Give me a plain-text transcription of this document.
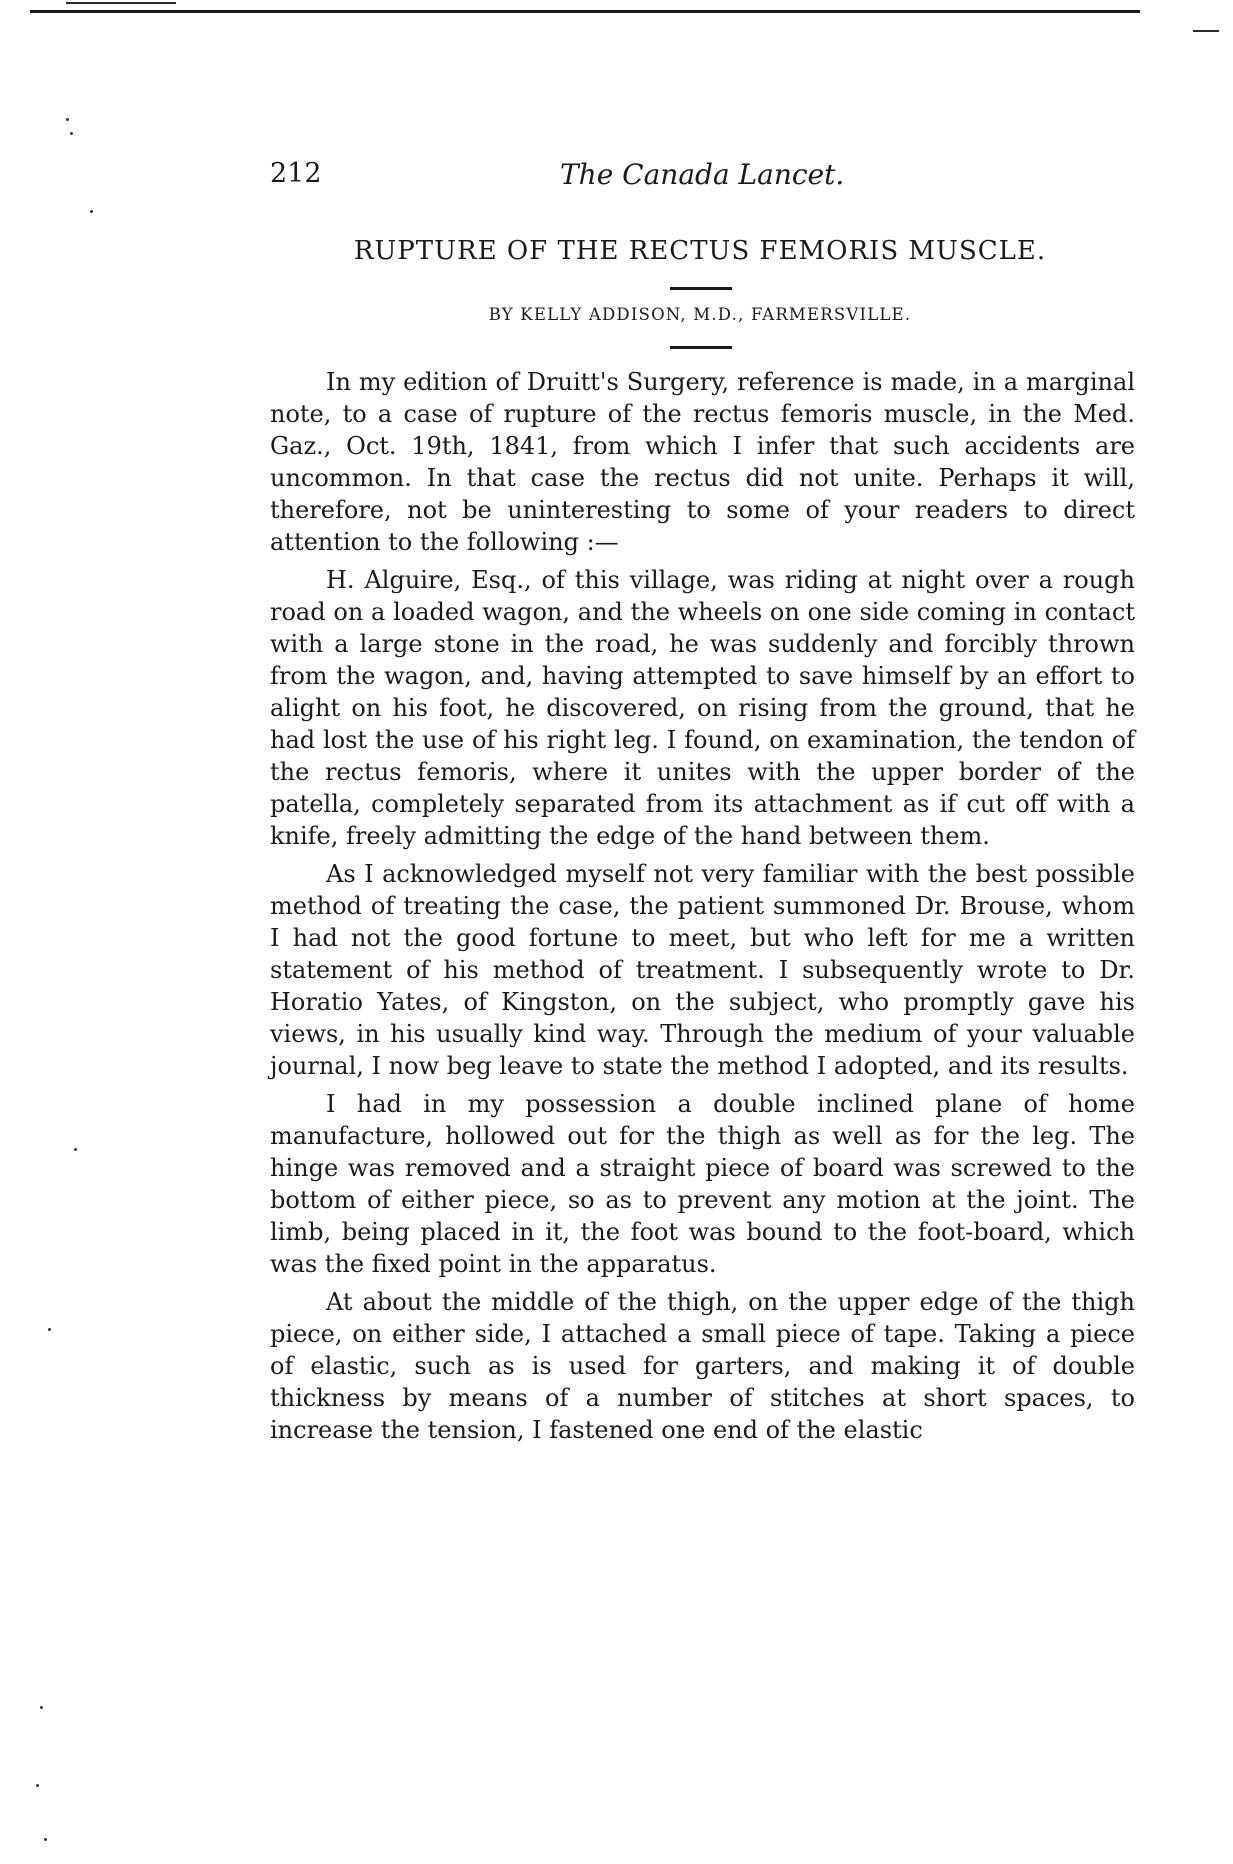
212	The Canada Lancet.
RUPTURE OF THE RECTUS FEMORIS MUSCLE.
BY KELLY ADDISON, M.D., FARMERSVILLE.

In my edition of Druitt's Surgery, reference is made, in a marginal note, to a case of rupture of the rectus femoris muscle, in the Med. Gaz., Oct. 19th, 1841, from which I infer that such accidents are uncommon. In that case the rectus did not unite. Perhaps it will, therefore, not be uninteresting to some of your readers to direct attention to the following :—

H. Alguire, Esq., of this village, was riding at night over a rough road on a loaded wagon, and the wheels on one side coming in contact with a large stone in the road, he was suddenly and forcibly thrown from the wagon, and, having attempted to save himself by an effort to alight on his foot, he discovered, on rising from the ground, that he had lost the use of his right leg. I found, on examination, the tendon of the rectus femoris, where it unites with the upper border of the patella, completely separated from its attachment as if cut off with a knife, freely admitting the edge of the hand between them.

As I acknowledged myself not very familiar with the best possible method of treating the case, the patient summoned Dr. Brouse, whom I had not the good fortune to meet, but who left for me a written statement of his method of treatment. I subsequently wrote to Dr. Horatio Yates, of Kingston, on the subject, who promptly gave his views, in his usually kind way. Through the medium of your valuable journal, I now beg leave to state the method I adopted, and its results.

I had in my possession a double inclined plane of home manufacture, hollowed out for the thigh as well as for the leg. The hinge was removed and a straight piece of board was screwed to the bottom of either piece, so as to prevent any motion at the joint. The limb, being placed in it, the foot was bound to the foot-board, which was the fixed point in the apparatus.

At about the middle of the thigh, on the upper edge of the thigh piece, on either side, I attached a small piece of tape. Taking a piece of elastic, such as is used for garters, and making it of double thickness by means of a number of stitches at short spaces, to increase the tension, I fastened one end of the elastic
